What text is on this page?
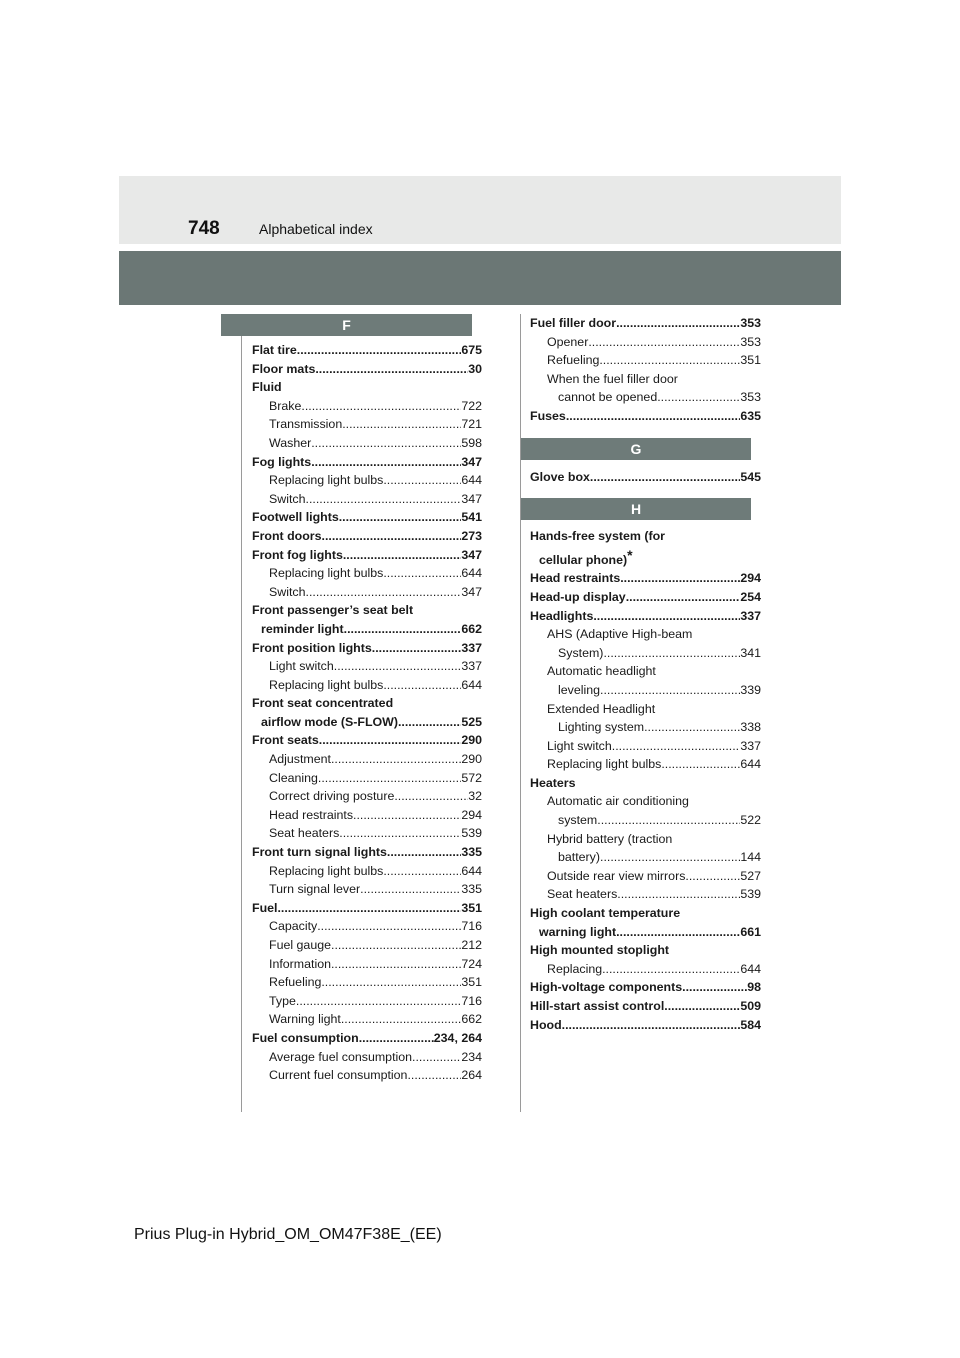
748	Alphabetical index
F
Flat tire .....	675
Floor mats .....	30
Fluid
Brake .....	722
Transmission .....	721
Washer .....	598
Fog lights .....	347
Replacing light bulbs .....	644
Switch .....	347
Footwell lights .....	541
Front doors .....	273
Front fog lights .....	347
Replacing light bulbs .....	644
Switch .....	347
Front passenger’s seat belt
reminder light .....	662
Front position lights .....	337
Light switch .....	337
Replacing light bulbs .....	644
Front seat concentrated
airflow mode (S-FLOW) .....	525
Front seats .....	290
Adjustment .....	290
Cleaning .....	572
Correct driving posture .....	32
Head restraints .....	294
Seat heaters .....	539
Front turn signal lights .....	335
Replacing light bulbs .....	644
Turn signal lever .....	335
Fuel .....	351
Capacity .....	716
Fuel gauge .....	212
Information .....	724
Refueling .....	351
Type .....	716
Warning light .....	662
Fuel consumption .....	234, 264
Average fuel consumption .....	234
Current fuel consumption .....	264
Fuel filler door .....	353
Opener .....	353
Refueling .....	351
When the fuel filler door
cannot be opened .....	353
Fuses .....	635
G
Glove box .....	545
H
Hands-free system (for
cellular phone)*
Head restraints .....	294
Head-up display .....	254
Headlights .....	337
AHS (Adaptive High-beam
System) .....	341
Automatic headlight
leveling .....	339
Extended Headlight
Lighting system .....	338
Light switch .....	337
Replacing light bulbs .....	644
Heaters
Automatic air conditioning
system .....	522
Hybrid battery (traction
battery) .....	144
Outside rear view mirrors .....	527
Seat heaters .....	539
High coolant temperature
warning light .....	661
High mounted stoplight
Replacing .....	644
High-voltage components .....	98
Hill-start assist control .....	509
Hood .....	584
Prius Plug-in Hybrid_OM_OM47F38E_(EE)
